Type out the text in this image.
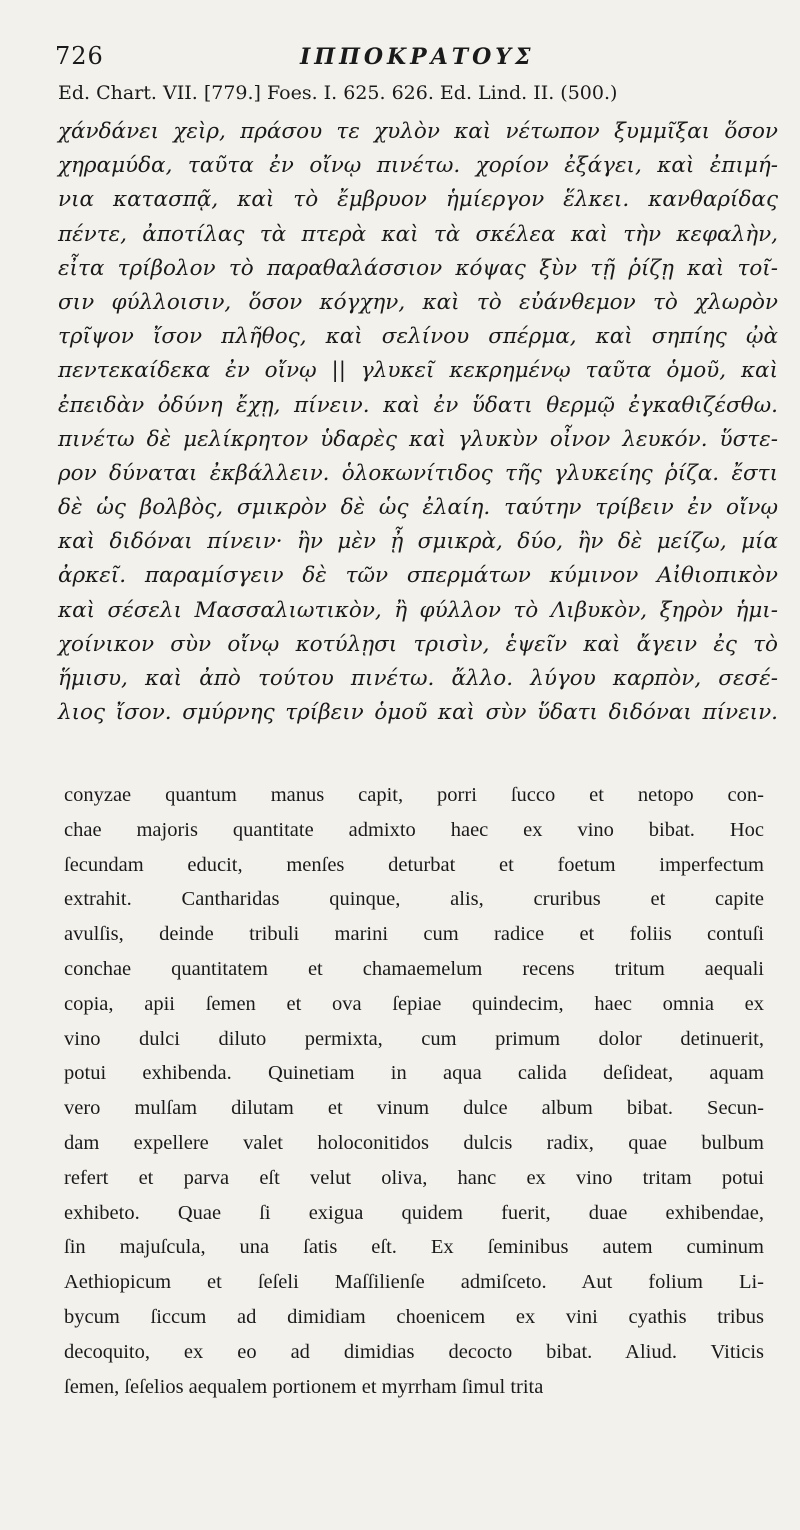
726	ΙΠΠΟΚΡΑΤΟΥΣ
Ed. Chart. VII. [779.] Foes. I. 625. 626. Ed. Lind. II. (500.)
χάνδάνει χεὶρ, πράσου τε χυλὸν καὶ νέτωπον ξυμμῖξαι ὅσον
χηραμύδα, ταῦτα ἐν οἴνῳ πινέτω. χορίον ἐξάγει, καὶ ἐπιμή-
νια κατασπᾷ, καὶ τὸ ἔμβρυον ἡμίεργον ἕλκει. κανθαρίδας
πέντε, ἀποτίλας τὰ πτερὰ καὶ τὰ σκέλεα καὶ τὴν κεφαλὴν,
εἶτα τρίβολον τὸ παραθαλάσσιον κόψας ξὺν τῇ ῥίζῃ καὶ τοῖ-
σιν φύλλοισιν, ὅσον κόγχην, καὶ τὸ εὐάνθεμον τὸ χλωρὸν
τρῖψον ἴσον πλῆθος, καὶ σελίνου σπέρμα, καὶ σηπίης ᾠὰ
πεντεκαίδεκα ἐν οἴνῳ || γλυκεῖ κεκρημένῳ ταῦτα ὁμοῦ, καὶ
ἐπειδὰν ὀδύνη ἔχῃ, πίνειν. καὶ ἐν ὕδατι θερμῷ ἐγκαθιζέσθω.
πινέτω δὲ μελίκρητον ὑδαρὲς καὶ γλυκὺν οἶνον λευκόν. ὕστε-
ρον δύναται ἐκβάλλειν. ὁλοκωνίτιδος τῆς γλυκείης ῥίζα. ἔστι
δὲ ὡς βολβὸς, σμικρὸν δὲ ὡς ἐλαίη. ταύτην τρίβειν ἐν οἴνῳ
καὶ διδόναι πίνειν· ἢν μὲν ᾖ σμικρὰ, δύο, ἢν δὲ μείζω, μία
ἀρκεῖ. παραμίσγειν δὲ τῶν σπερμάτων κύμινον Αἰθιοπικὸν
καὶ σέσελι Μασσαλιωτικὸν, ἢ φύλλον τὸ Λιβυκὸν, ξηρὸν ἡμι-
χοίνικον σὺν οἴνῳ κοτύλῃσι τρισὶν, ἑψεῖν καὶ ἄγειν ἐς τὸ
ἥμισυ, καὶ ἀπὸ τούτου πινέτω. ἄλλο. λύγου καρπὸν, σεσέ-
λιος ἴσον. σμύρνης τρίβειν ὁμοῦ καὶ σὺν ὕδατι διδόναι πίνειν.
conyzae quantum manus capit, porri ſucco et netopo con-
chae majoris quantitate admixto haec ex vino bibat. Hoc
ſecundam educit, menſes deturbat et foetum imperfectum
extrahit. Cantharidas quinque, alis, cruribus et capite
avulſis, deinde tribuli marini cum radice et foliis contuſi
conchae quantitatem et chamaemelum recens tritum aequali
copia, apii ſemen et ova ſepiae quindecim, haec omnia ex
vino dulci diluto permixta, cum primum dolor detinuerit,
potui exhibenda. Quinetiam in aqua calida deſideat, aquam
vero mulſam dilutam et vinum dulce album bibat. Secun-
dam expellere valet holoconitidos dulcis radix, quae bulbum
refert et parva eſt velut oliva, hanc ex vino tritam potui
exhibeto. Quae ſi exigua quidem fuerit, duae exhibendae,
ſin majuſcula, una ſatis eſt. Ex ſeminibus autem cuminum
Aethiopicum et ſeſeli Maſſilienſe admiſceto. Aut folium Li-
bycum ſiccum ad dimidiam choenicem ex vini cyathis tribus
decoquito, ex eo ad dimidias decocto bibat. Aliud. Viticis
ſemen, ſeſelios aequalem portionem et myrrham ſimul trita
